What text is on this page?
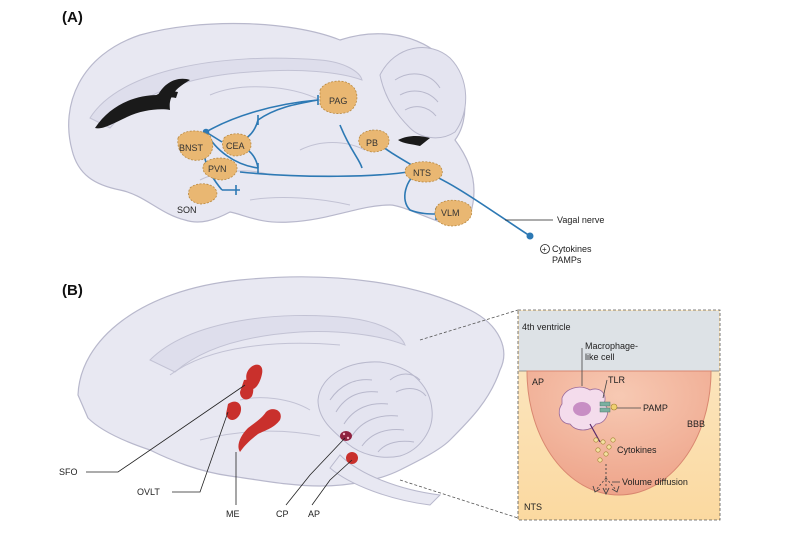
(A)
PAG
BNST	CEA	PB
PVN	NTS
SON	VLM
Vagal nerve
+ Cytokines
PAMPs
(B)
SFO
OVLT
ME	CP AP
4th ventricle
AP
BBB
NTS
Macrophage-
like cell
TLR
PAMP
Cytokines
Volume diffusion
